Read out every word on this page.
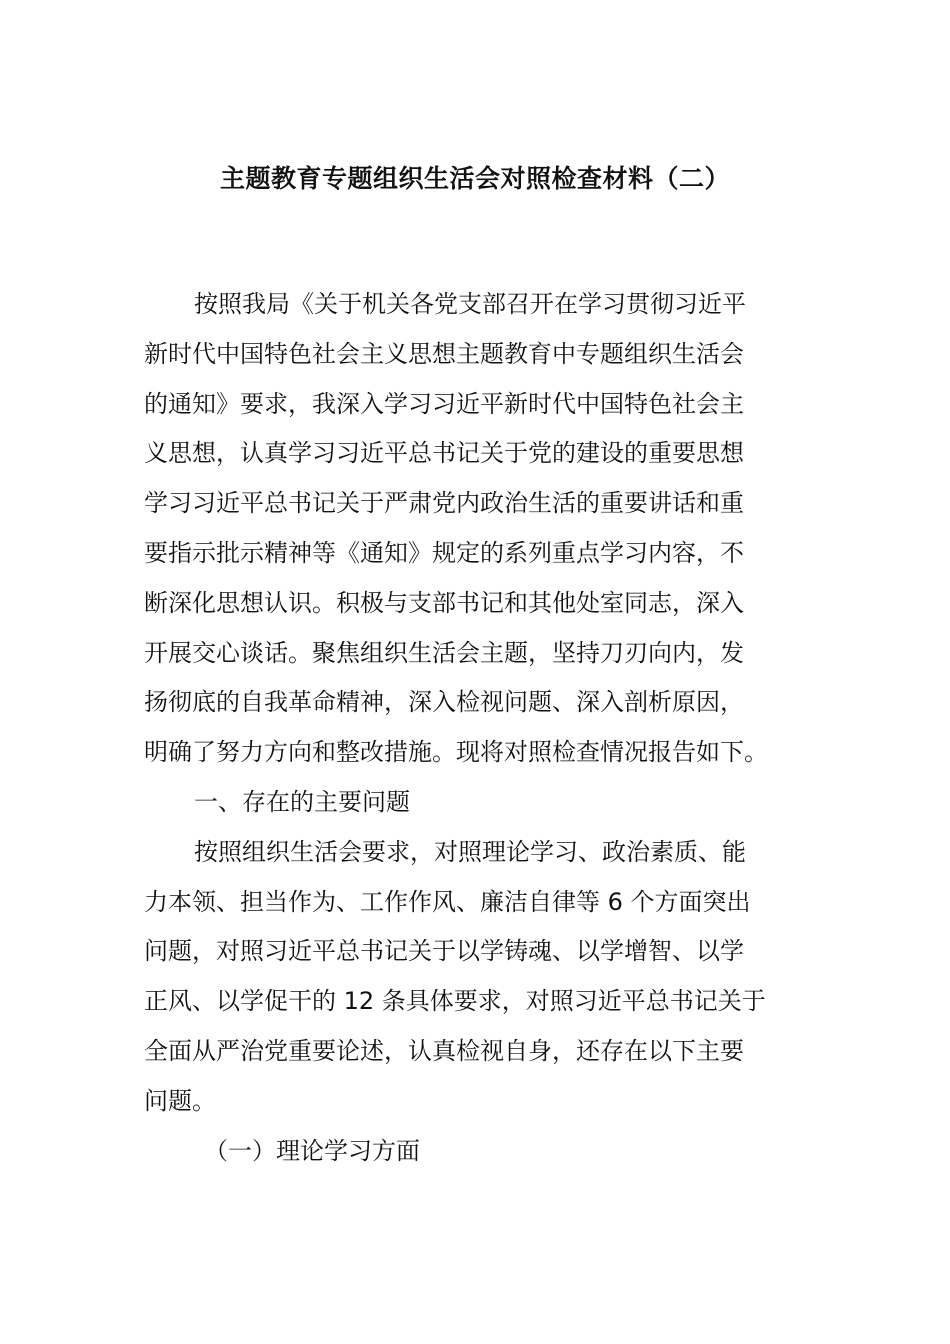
主题教育专题组织生活会对照检查材料（二）
按照我局《关于机关各党支部召开在学习贯彻习近平
新时代中国特色社会主义思想主题教育中专题组织生活会
的通知》要求，我深入学习习近平新时代中国特色社会主
义思想，认真学习习近平总书记关于党的建设的重要思想
学习习近平总书记关于严肃党内政治生活的重要讲话和重
要指示批示精神等《通知》规定的系列重点学习内容，不
断深化思想认识。积极与支部书记和其他处室同志，深入
开展交心谈话。聚焦组织生活会主题，坚持刀刃向内，发
扬彻底的自我革命精神，深入检视问题、深入剖析原因，
明确了努力方向和整改措施。现将对照检查情况报告如下。
一、存在的主要问题
按照组织生活会要求，对照理论学习、政治素质、能
力本领、担当作为、工作作风、廉洁自律等 6 个方面突出
问题，对照习近平总书记关于以学铸魂、以学增智、以学
正风、以学促干的 12 条具体要求，对照习近平总书记关于
全面从严治党重要论述，认真检视自身，还存在以下主要
问题。
（一）理论学习方面
